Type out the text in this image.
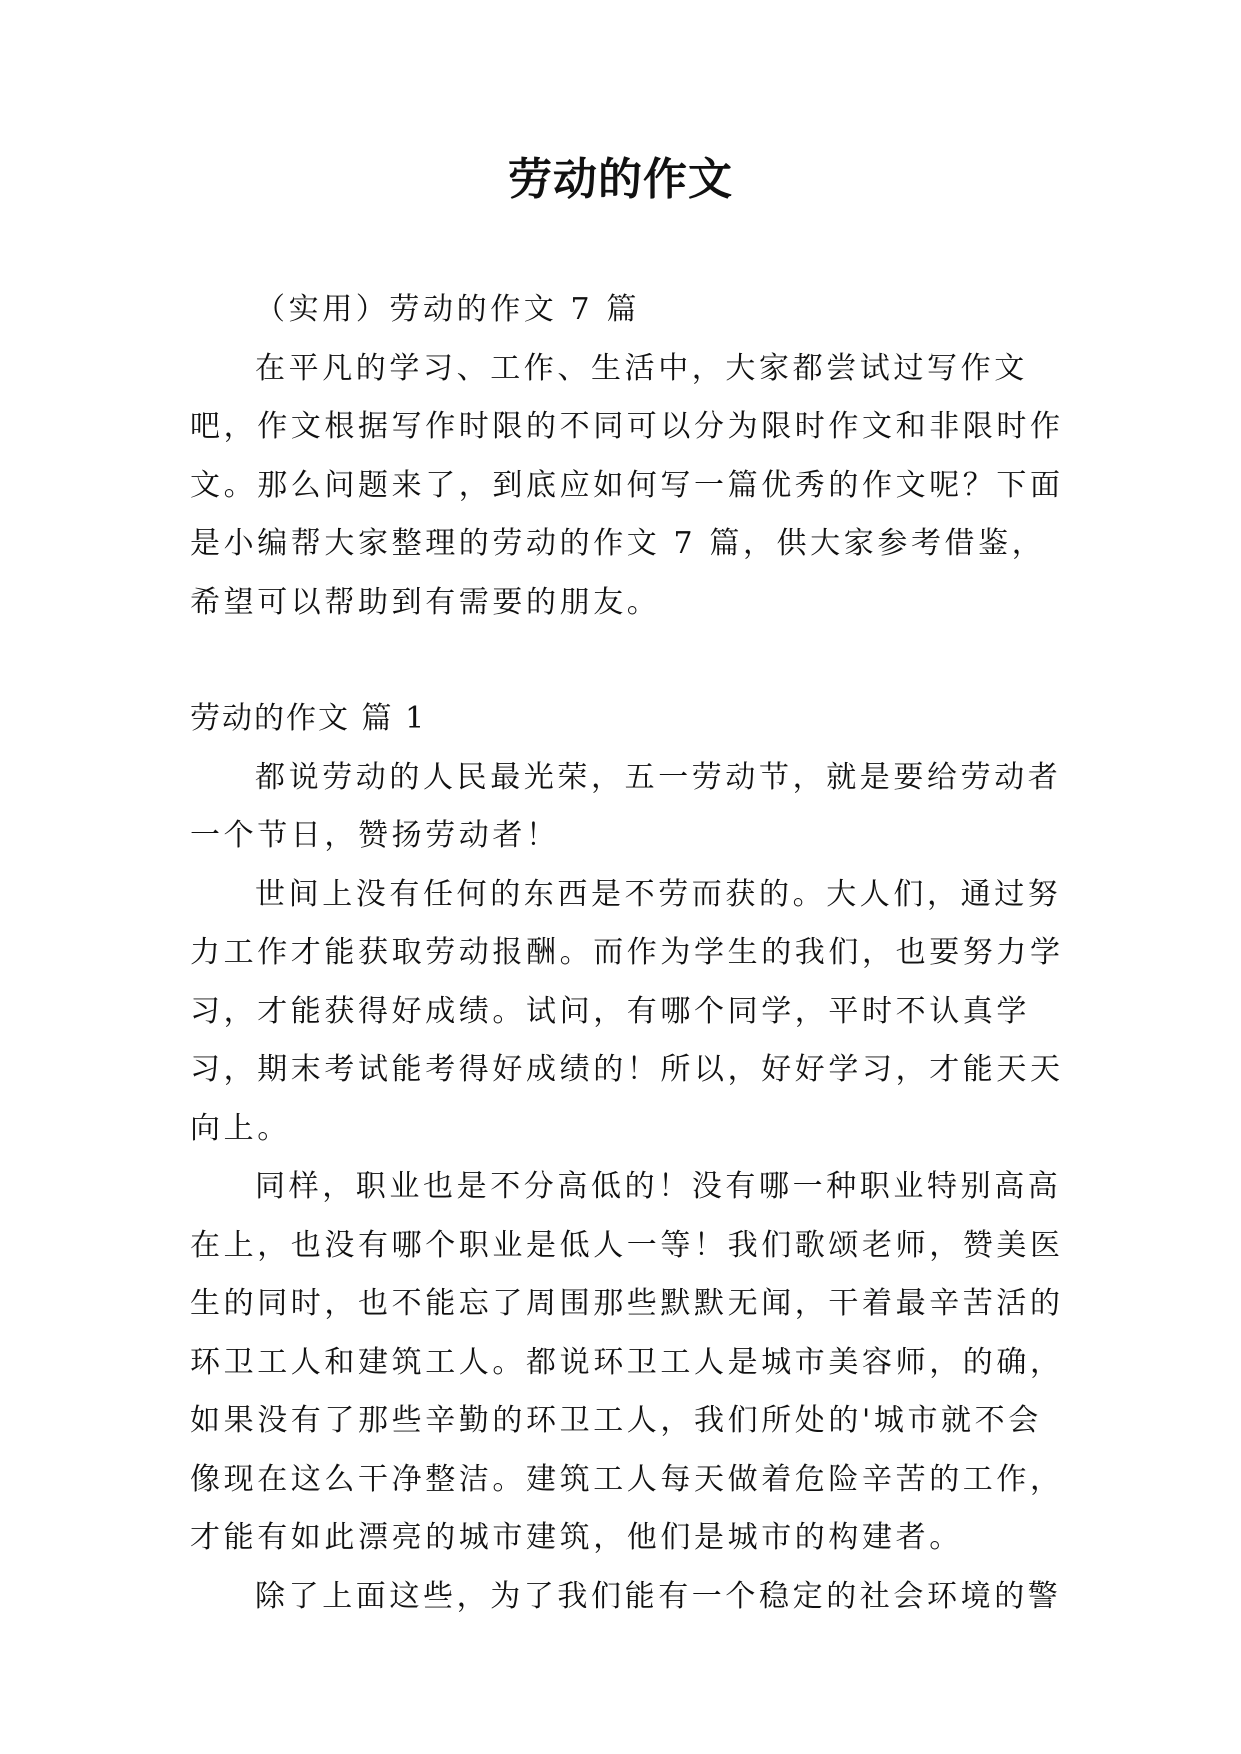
劳动的作文

（实用）劳动的作文 7 篇

在平凡的学习、工作、生活中，大家都尝试过写作文吧，作文根据写作时限的不同可以分为限时作文和非限时作文。那么问题来了，到底应如何写一篇优秀的作文呢？下面是小编帮大家整理的劳动的作文 7 篇，供大家参考借鉴，希望可以帮助到有需要的朋友。

劳动的作文 篇 1

都说劳动的人民最光荣，五一劳动节，就是要给劳动者一个节日，赞扬劳动者！

世间上没有任何的东西是不劳而获的。大人们，通过努力工作才能获取劳动报酬。而作为学生的我们，也要努力学习，才能获得好成绩。试问，有哪个同学，平时不认真学习，期末考试能考得好成绩的！所以，好好学习，才能天天向上。

同样，职业也是不分高低的！没有哪一种职业特别高高在上，也没有哪个职业是低人一等！我们歌颂老师，赞美医生的同时，也不能忘了周围那些默默无闻，干着最辛苦活的环卫工人和建筑工人。都说环卫工人是城市美容师，的确，如果没有了那些辛勤的环卫工人，我们所处的'城市就不会像现在这么干净整洁。建筑工人每天做着危险辛苦的工作，才能有如此漂亮的城市建筑，他们是城市的构建者。

除了上面这些，为了我们能有一个稳定的社会环境的警
